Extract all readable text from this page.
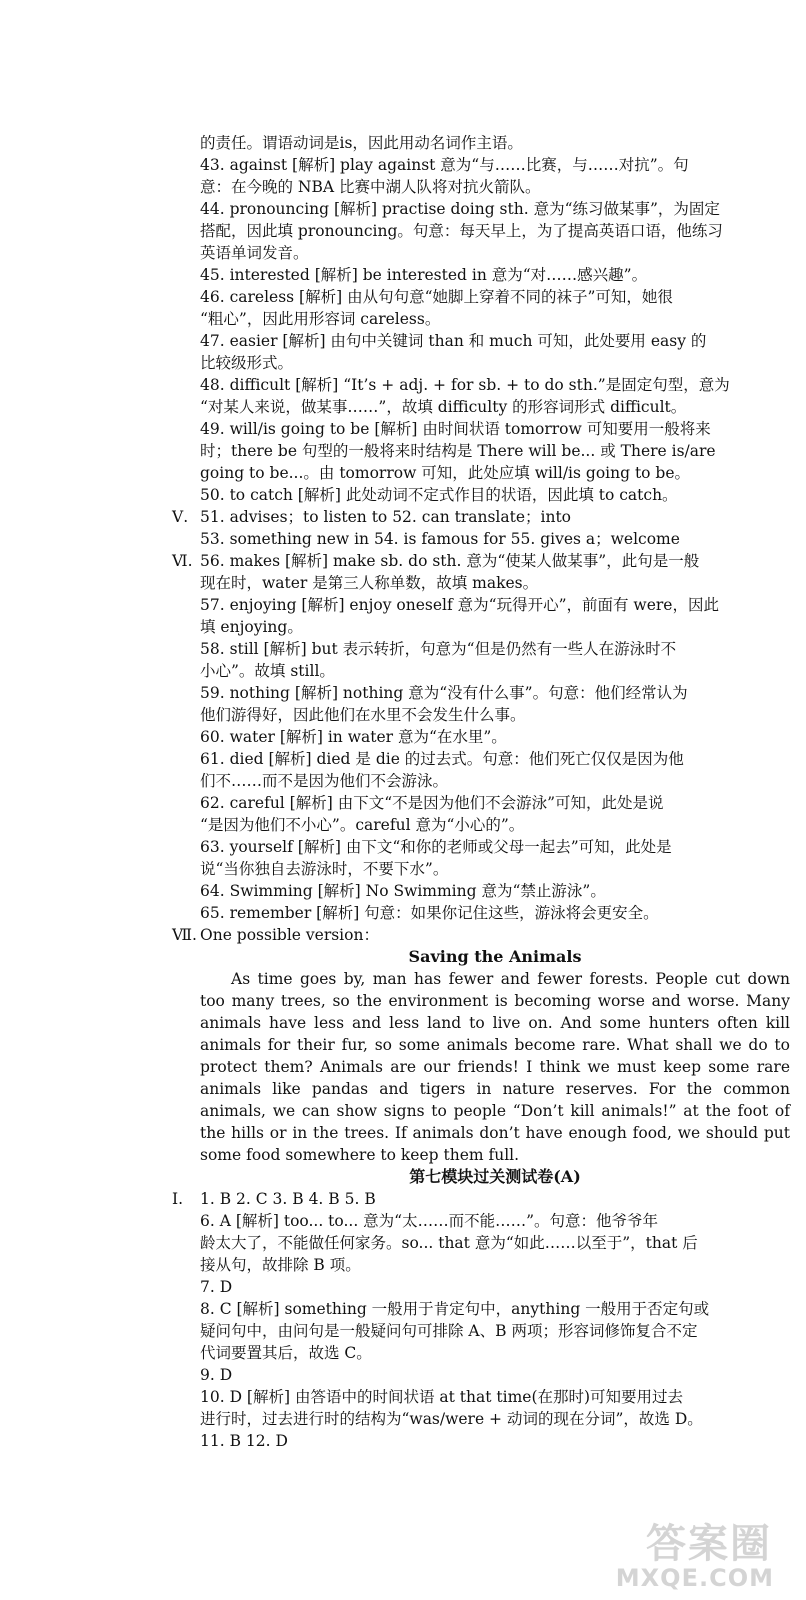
的责任。谓语动词是is，因此用动名词作主语。
43. against [解析] play against 意为“与……比赛，与……对抗”。句
意：在今晚的 NBA 比赛中湖人队将对抗火箭队。
44. pronouncing [解析] practise doing sth. 意为“练习做某事”，为固定
搭配，因此填 pronouncing。句意：每天早上，为了提高英语口语，他练习
英语单词发音。
45. interested [解析] be interested in 意为“对……感兴趣”。
46. careless [解析] 由从句句意“她脚上穿着不同的袜子”可知，她很
“粗心”，因此用形容词 careless。
47. easier [解析] 由句中关键词 than 和 much 可知，此处要用 easy 的
比较级形式。
48. difficult [解析] “It’s + adj. + for sb. + to do sth.”是固定句型，意为
“对某人来说，做某事……”，故填 difficulty 的形容词形式 difficult。
49. will/is going to be [解析] 由时间状语 tomorrow 可知要用一般将来
时；there be 句型的一般将来时结构是 There will be... 或 There is/are
going to be...。由 tomorrow 可知，此处应填 will/is going to be。
50. to catch [解析] 此处动词不定式作目的状语，因此填 to catch。
Ⅴ. 51. advises；to listen to 52. can translate；into
53. something new in 54. is famous for 55. gives a；welcome
Ⅵ. 56. makes [解析] make sb. do sth. 意为“使某人做某事”，此句是一般
现在时，water 是第三人称单数，故填 makes。
57. enjoying [解析] enjoy oneself 意为“玩得开心”，前面有 were，因此
填 enjoying。
58. still [解析] but 表示转折，句意为“但是仍然有一些人在游泳时不
小心”。故填 still。
59. nothing [解析] nothing 意为“没有什么事”。句意：他们经常认为
他们游得好，因此他们在水里不会发生什么事。
60. water [解析] in water 意为“在水里”。
61. died [解析] died 是 die 的过去式。句意：他们死亡仅仅是因为他
们不……而不是因为他们不会游泳。
62. careful [解析] 由下文“不是因为他们不会游泳”可知，此处是说
“是因为他们不小心”。careful 意为“小心的”。
63. yourself [解析] 由下文“和你的老师或父母一起去”可知，此处是
说“当你独自去游泳时，不要下水”。
64. Swimming [解析] No Swimming 意为“禁止游泳”。
65. remember [解析] 句意：如果你记住这些，游泳将会更安全。
Ⅶ. One possible version：
Saving the Animals
As time goes by, man has fewer and fewer forests. People cut down too many trees, so the environment is becoming worse and worse. Many animals have less and less land to live on. And some hunters often kill animals for their fur, so some animals become rare. What shall we do to protect them? Animals are our friends! I think we must keep some rare animals like pandas and tigers in nature reserves. For the common animals, we can show signs to people “Don’t kill animals!” at the foot of the hills or in the trees. If animals don’t have enough food, we should put some food somewhere to keep them full.
第七模块过关测试卷(A)
Ⅰ. 1. B 2. C 3. B 4. B 5. B
6. A [解析] too... to... 意为“太……而不能……”。句意：他爷爷年
龄太大了，不能做任何家务。so... that 意为“如此……以至于”，that 后
接从句，故排除 B 项。
7. D
8. C [解析] something 一般用于肯定句中，anything 一般用于否定句或
疑问句中，由问句是一般疑问句可排除 A、B 两项；形容词修饰复合不定
代词要置其后，故选 C。
9. D
10. D [解析] 由答语中的时间状语 at that time(在那时)可知要用过去
进行时，过去进行时的结构为“was/were + 动词的现在分词”，故选 D。
11. B 12. D
答案圈
MXQE.COM
